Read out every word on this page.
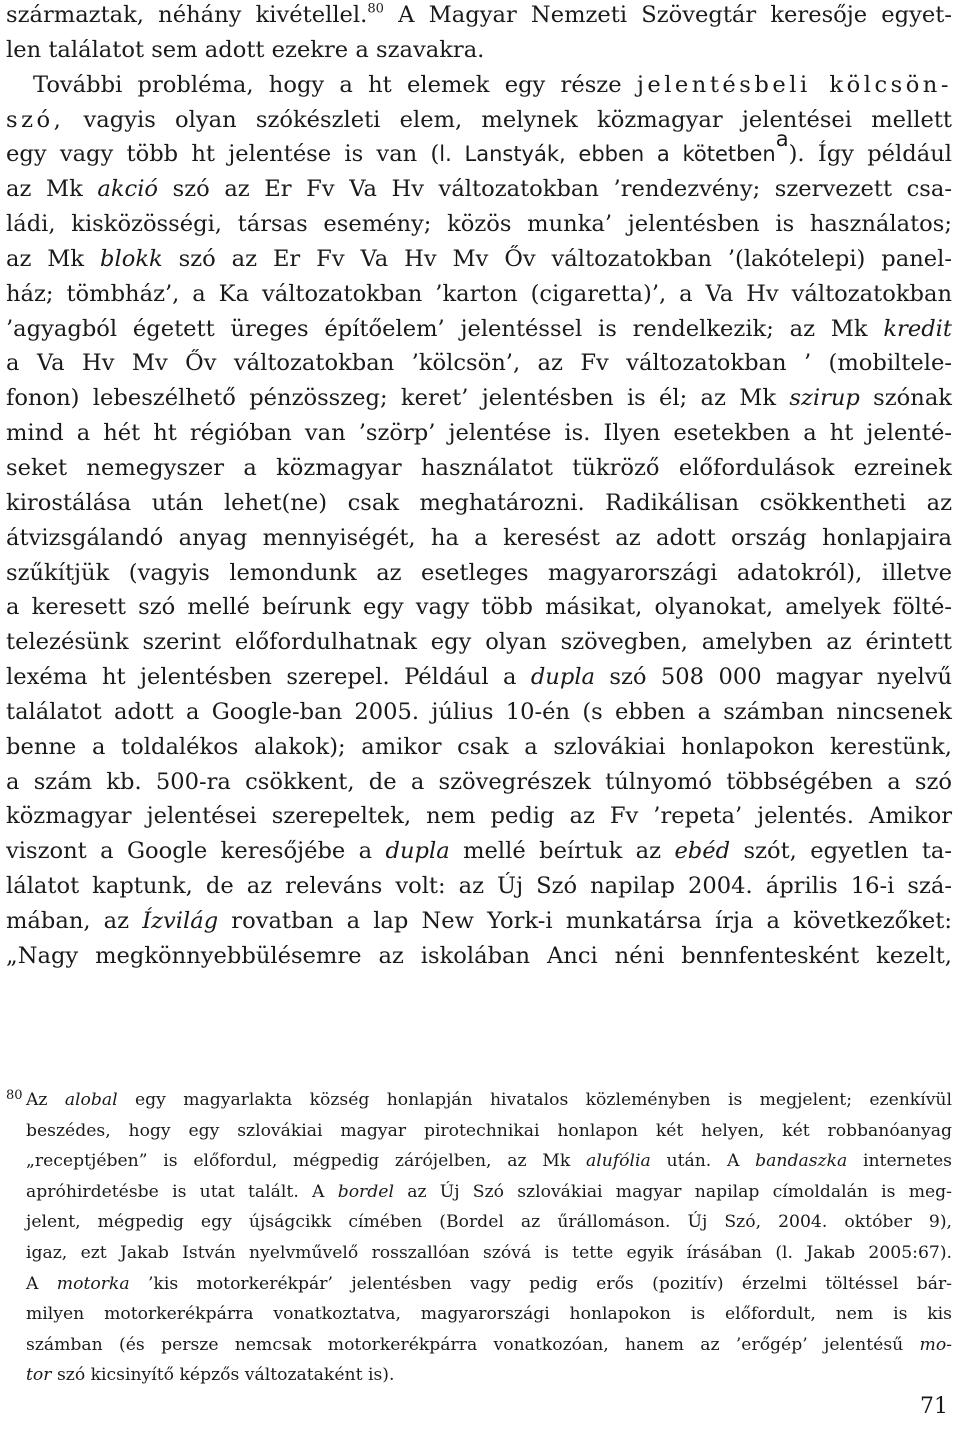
származtak, néhány kivétellel.$^{80}$ A Magyar Nemzeti Szövegtár keresője egyet-
len találatot sem adott ezekre a szavakra.
További probléma, hogy a ht elemek egy része jelentésbeli kölcsön-
szó, vagyis olyan szókészleti elem, melynek közmagyar jelentései mellett
egy vagy több ht jelentése is van (l. Lanstyák, ebben a kötetbena). Így például
az Mk akció szó az Er Fv Va Hv változatokban ’rendezvény; szervezett csa-
ládi, kisközösségi, társas esemény; közös munka’ jelentésben is használatos;
az Mk blokk szó az Er Fv Va Hv Mv Őv változatokban ’(lakótelepi) panel-
ház; tömbház’, a Ka változatokban ’karton (cigaretta)’, a Va Hv változatokban
’agyagból égetett üreges építőelem’ jelentéssel is rendelkezik; az Mk kredit
a Va Hv Mv Őv változatokban ’kölcsön’, az Fv változatokban ’ (mobiltele-
fonon) lebeszélhető pénzösszeg; keret’ jelentésben is él; az Mk szirup szónak
mind a hét ht régióban van ’szörp’ jelentése is. Ilyen esetekben a ht jelenté-
seket nemegyszer a közmagyar használatot tükröző előfordulások ezreinek
kirostálása után lehet(ne) csak meghatározni. Radikálisan csökkentheti az
átvizsgálandó anyag mennyiségét, ha a keresést az adott ország honlapjaira
szűkítjük (vagyis lemondunk az esetleges magyarországi adatokról), illetve
a keresett szó mellé beírunk egy vagy több másikat, olyanokat, amelyek fölté-
telezésünk szerint előfordulhatnak egy olyan szövegben, amelyben az érintett
lexéma ht jelentésben szerepel. Például a dupla szó 508 000 magyar nyelvű
találatot adott a Google-ban 2005. július 10-én (s ebben a számban nincsenek
benne a toldalékos alakok); amikor csak a szlovákiai honlapokon kerestünk,
a szám kb. 500-ra csökkent, de a szövegrészek túlnyomó többségében a szó
közmagyar jelentései szerepeltek, nem pedig az Fv ’repeta’ jelentés. Amikor
viszont a Google keresőjébe a dupla mellé beírtuk az ebéd szót, egyetlen ta-
lálatot kaptunk, de az releváns volt: az Új Szó napilap 2004. április 16-i szá-
mában, az Ízvilág rovatban a lap New York-i munkatársa írja a következőket:
„Nagy megkönnyebbülésemre az iskolában Anci néni bennfentesként kezelt,
80 Az alobal egy magyarlakta község honlapján hivatalos közleményben is megjelent; ezenkívül
beszédes, hogy egy szlovákiai magyar pirotechnikai honlapon két helyen, két robbanóanyag
„receptjében” is előfordul, mégpedig zárójelben, az Mk alufólia után. A bandaszka internetes
apróhirdetésbe is utat talált. A bordel az Új Szó szlovákiai magyar napilap címoldalán is meg-
jelent, mégpedig egy újságcikk címében (Bordel az űrállomáson. Új Szó, 2004. október 9),
igaz, ezt Jakab István nyelvművelő rosszallóan szóvá is tette egyik írásában (l. Jakab 2005:67).
A motorka ’kis motorkerékpár’ jelentésben vagy pedig erős (pozitív) érzelmi töltéssel bár-
milyen motorkerékpárra vonatkoztatva, magyarországi honlapokon is előfordult, nem is kis
számban (és persze nemcsak motorkerékpárra vonatkozóan, hanem az ’erőgép’ jelentésű mo-
tor szó kicsinyítő képzős változataként is).
71
